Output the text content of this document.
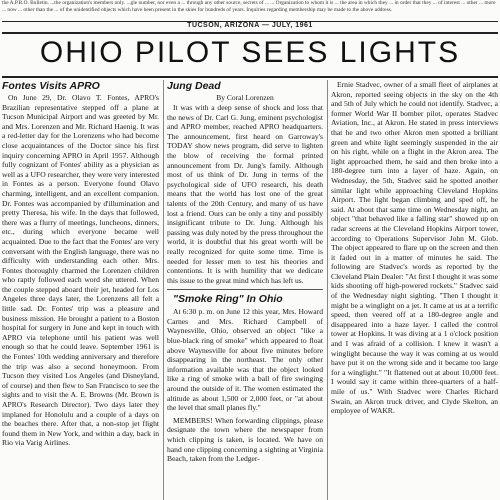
the A.P.R.O. Bulletin. ...the organization's members only. ...gle number, nor even a ... through any other source, secrets of ... ... Organization to whom it is ... the area in which they ... in order that they ... of interest ... other ... more ... now ... other than the ... of the unidentified objects which have been present in the skies for hundreds of years. Inquiries regarding membership may be made to the above address.
TUCSON, ARIZONA — JULY, 1961
OHIO PILOT SEES LIGHTS
Fontes Visits APRO

On June 29, Dr. Olavo T. Fontes, APRO's Brazilian representative stepped off a plane at Tucson Municipal Airport and was greeted by Mr. and Mrs. Lorenzen and Mr. Richard Haenig. It was a red-letter day for the Lorenzens who had become close acquaintances of the Doctor since his first inquiry concerning APRO in April 1957. Although fully cognizant of Fontes' ability as a physician as well as a UFO researcher, they were very interested in Fontes as a person. Everyone found Olavo charming, intelligent, and an excellent companion. Dr. Fontes was accompanied by d'illumination and pretty Theresa, his wife. In the days that followed, there was a flurry of meetings, luncheons, dinners, etc., during which everyone became well acquainted. Due to the fact that the Fontes' are very conversant with the English language, there was no difficulty with understanding each other. Mrs. Fontes thoroughly charmed the Lorenzen children who raptly followed each word she uttered. When the couple stepped aboard their jet, headed for Los Angeles three days later, the Lorenzens all felt a little sad. Dr. Fontes' trip was a pleasure and business mission. He brought a patient to a Boston hospital for surgery in June and kept in touch with APRO via telephone until his patient was well enough so that he could leave. September 1961 is the Fontes' 10th wedding anniversary and therefore the trip was also a second honeymoon. From Tucson they visited Los Angeles (and Disneyland, of course) and then flew to San Francisco to see the sights and to visit the A. E. Browns (Mr. Brown is APRO's Research Director). Two days later they implaned for Honolulu and a couple of a days on the beaches there. After that, a non-stop jet flight found them in New York, and within a day, back in Rio via Varig Airlines.

Jung Dead
By Coral Lorenzen

It was with a deep sense of shock and loss that the news of Dr. Carl G. Jung, eminent psychologist and APRO member, reached APRO headquarters. The announcement, first heard on Garroway's TODAY show news program, did serve to lighten the blow of receiving the formal printed announcement from Dr. Jung's family. Although most of us think of Dr. Jung in terms of the psychological side of UFO research, his death means that the world has lost one of the great talents of the 20th Century, and many of us have lost a friend. Ours can be only a tiny and possibly insignificant tribute to Dr. Jung. Although his passing was duly noted by the press throughout the world, it is doubtful that his great worth will be really recognized for quite some time. Time is needed for lesser men to test his theories and contentions. It is with humility that we dedicate this issue to the great mind which has left us.

"Smoke Ring" In Ohio

At 6:30 p. m. on June 12 this year, Mrs. Howard Carnes and Mrs. Richard Campbell of Waynesville, Ohio, observed an object "like a blue-black ring of smoke" which appeared to float above Waynesville for about five minutes before disappearing in the northeast. The only other information available was that the object looked like a ring of smoke with a ball of fire swinging around the outside of it. The women estimated the altitude as about 1,500 or 2,000 feet, or "at about the level that small planes fly."

MEMBERS! When forwarding clippings, please designate the town where the newspaper from which clipping is taken, is located. We have on hand one clipping concerning a sighting at Virginia Beach, taken from the Ledger-

Ernie Stadvec, owner of a small fleet of airplanes at Akron, reported seeing objects in the sky on the 4th and 5th of July which he could not identify. Stadvec, a former World War II bomber pilot, operates Stadvec Aviation, Inc., at Akron. He stated in press interviews that he and two other Akron men spotted a brilliant green and white light seemingly suspended in the air on his right, while on a flight in the Akron area. The light approached them, he said and then broke into a 180-degree turn into a layer of haze. Again, on Wednesday, the 5th, Stadvec said he spotted another similar light while approaching Cleveland Hopkins Airport. The light began climbing and sped off, he said. At about that same time on Wednesday night, an object "that behaved like a falling star" showed up on radar screens at the Cleveland Hopkins Airport tower, according to Operations Supervisor John M. Glob. The object appeared to flare up on the screen and then it faded out in a matter of minutes he said. The following are Stadvec's words as reported by the Cleveland Plain Dealer: "At first I thought it was some kids shooting off high-powered rockets." Stadvec said of the Wednesday night sighting. "Then I thought it might be a winglight on a jet. It came at us at a terrific speed, then veered off at a 180-degree angle and disappeared into a haze layer. I called the control tower at Hopkins. It was diving at a 1 o'clock position and I was afraid of a collision. I knew it wasn't a winglight because the way it was coming at us would have put it on the wrong side and it became too large for a winglight." "It flattened out at about 10,000 feet. I would say it came within three-quarters of a half-mile of us." With Stadvec were Charles Richard Swain, an Akron truck driver, and Clyde Skelton, an employee of WAKR.
